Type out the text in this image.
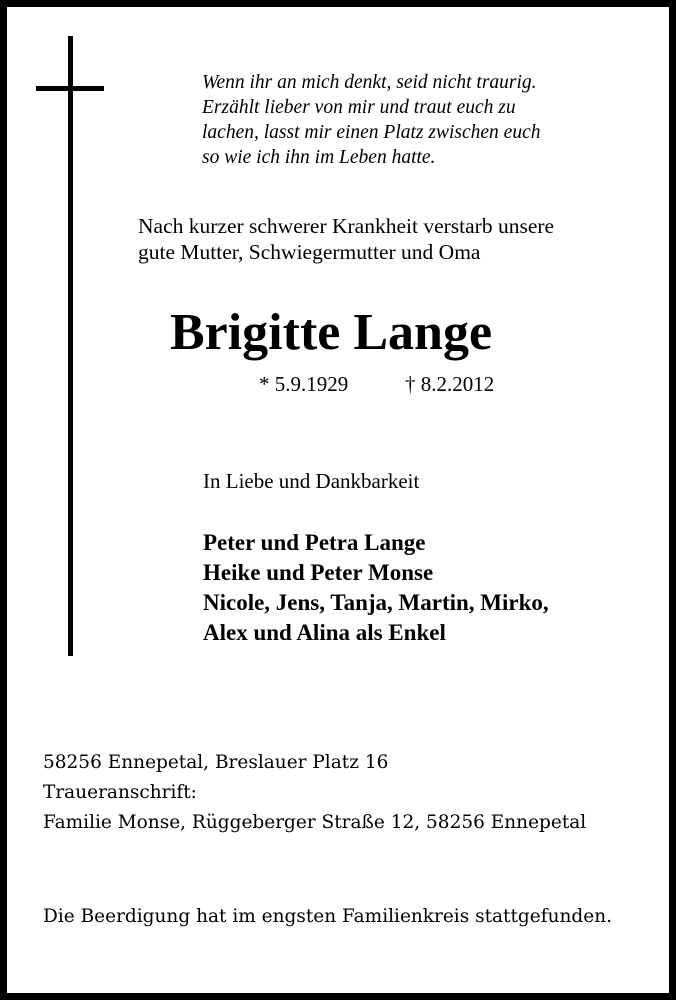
Wenn ihr an mich denkt, seid nicht traurig.
Erzählt lieber von mir und traut euch zu
lachen, lasst mir einen Platz zwischen euch
so wie ich ihn im Leben hatte.
Nach kurzer schwerer Krankheit verstarb unsere
gute Mutter, Schwiegermutter und Oma
Brigitte Lange
* 5.9.1929	† 8.2.2012
In Liebe und Dankbarkeit
Peter und Petra Lange
Heike und Peter Monse
Nicole, Jens, Tanja, Martin, Mirko,
Alex und Alina als Enkel
58256 Ennepetal, Breslauer Platz 16
Traueranschrift:
Familie Monse, Rüggeberger Straße 12, 58256 Ennepetal
Die Beerdigung hat im engsten Familienkreis stattgefunden.
